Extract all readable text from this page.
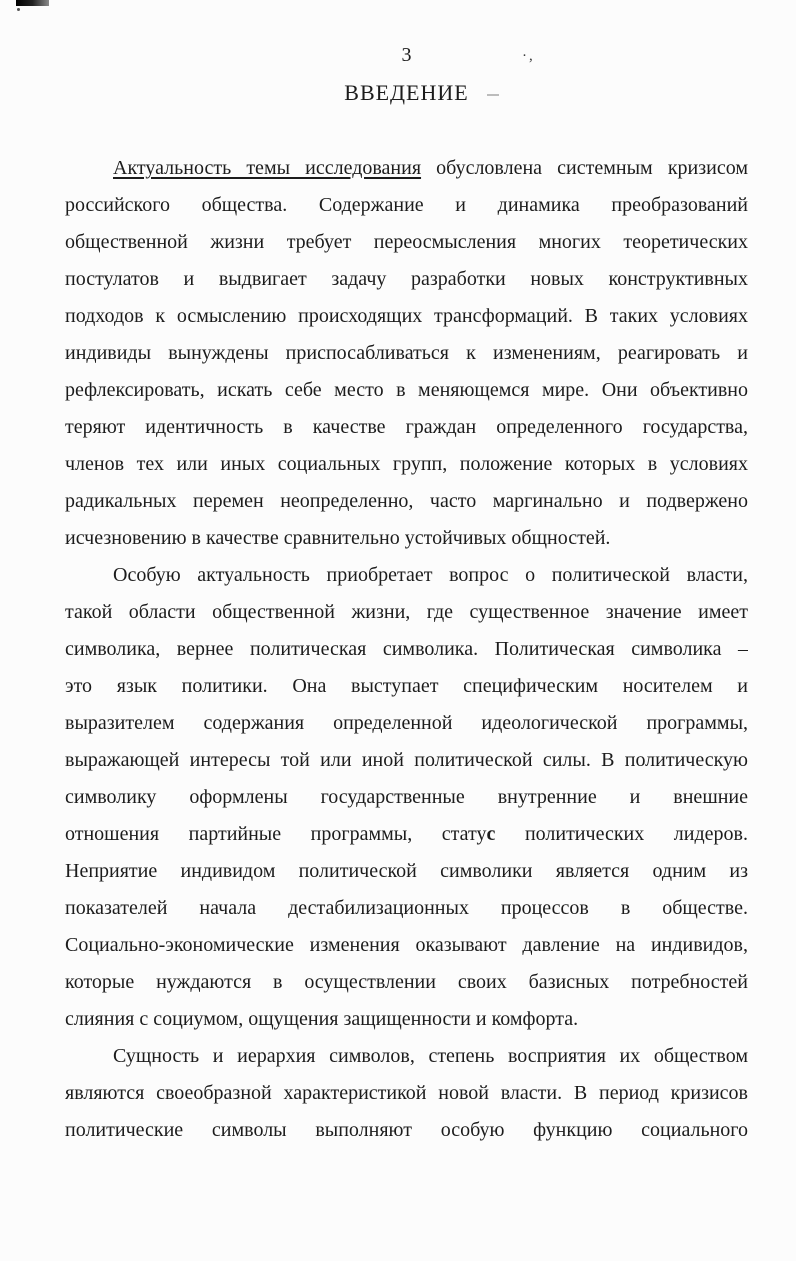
·,
3
ВВЕДЕНИЕ
Актуальность темы исследования обусловлена системным кризисом
российского общества. Содержание и динамика преобразований
общественной жизни требует переосмысления многих теоретических
постулатов и выдвигает задачу разработки новых конструктивных
подходов к осмыслению происходящих трансформаций. В таких условиях
индивиды вынуждены приспосабливаться к изменениям, реагировать и
рефлексировать, искать себе место в меняющемся мире. Они объективно
теряют идентичность в качестве граждан определенного государства,
членов тех или иных социальных групп, положение которых в условиях
радикальных перемен неопределенно, часто маргинально и подвержено
исчезновению в качестве сравнительно устойчивых общностей.
Особую актуальность приобретает вопрос о политической власти,
такой области общественной жизни, где существенное значение имеет
символика, вернее политическая символика. Политическая символика –
это язык политики. Она выступает специфическим носителем и
выразителем содержания определенной идеологической программы,
выражающей интересы той или иной политической силы. В политическую
символику оформлены государственные внутренние и внешние
отношения партийные программы, статус политических лидеров.
Неприятие индивидом политической символики является одним из
показателей начала дестабилизационных процессов в обществе.
Социально-экономические изменения оказывают давление на индивидов,
которые нуждаются в осуществлении своих базисных потребностей
слияния с социумом, ощущения защищенности и комфорта.
Сущность и иерархия символов, степень восприятия их обществом
являются своеобразной характеристикой новой власти. В период кризисов
политические символы выполняют особую функцию социального
